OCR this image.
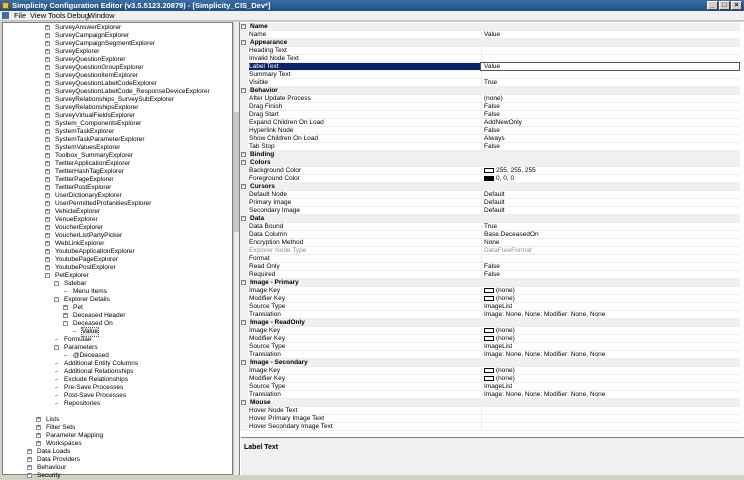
Simplicity Configuration Editor (v3.5.5123.20879) - [Simplicity_CIS_Dev*]	_	□	×
File View Tools Debug
Window
+ SurveyAnswerExplorer
+ SurveyCampaignExplorer
+ SurveyCampaignSegmentExplorer
+ SurveyExplorer
+ SurveyQuestionExplorer
+ SurveyQuestionGroupExplorer
+ SurveyQuestionItemExplorer
+ SurveyQuestionLabelCodeExplorer
+ SurveyQuestionLabelCode_ResponseDeviceExplorer
+ SurveyRelationships_SurveySubExplorer
+ SurveyRelationshipsExplorer
+ SurveyVirtualFieldsExplorer
+ System_ComponentsExplorer
+ SystemTaskExplorer
+ SystemTaskParameterExplorer
+ SystemValuesExplorer
+ Toolbox_SummaryExplorer
+ TwitterApplicationExplorer
+ TwitterHashTagExplorer
+ TwitterPageExplorer
+ TwitterPostExplorer
+ UserDictionaryExplorer
+ UserPermittedProfanitiesExplorer
+ VehicleExplorer
+ VenueExplorer
+ VoucherExplorer
+ VoucherListPartyPicker
+ WebLinkExplorer
+ YoutubeApplicationExplorer
+ YoutubePageExplorer
+ YoutubePostExplorer
- PetExplorer
- Sidebar
Menu Items
- Explorer Details
+ Pet
+ Deceased Header
- Deceased On
Value
Formulae
- Parameters
@Deceased
Additional Entity Columns
Additional Relationships
Exclude Relationships
Pre-Save Processes
Post-Save Processes
Repositories
+ Lists
+ Filter Sets
+ Parameter Mapping
+ Workspaces
+ Data Loads
+ Data Providers
+ Behaviour
+ Security
- Name
Name	Value
- Appearance
Heading Text
Invalid Node Text
Label Text	Value
Summary Text
Visible	True
- Behavior
After Update Process	(none)
Drag Finish	False
Drag Start	False
Expand Children On Load	AddNewOnly
Hyperlink Node	False
Show Children On Load	Always
Tab Stop	False
- Binding
- Colors
Background Color	255, 255, 255
Foreground Color	0, 0, 0
- Cursors
Default Node	Default
Primary Image	Default
Secondary Image	Default
- Data
Data Bound	True
Data Column	Base.DeceasedOn
Encryption Method	None
Explorer Node Type	DataFreeFormat
Format
Read Only	False
Required	False
- Image - Primary
Image Key	(none)
Modifier Key	(none)
Source Type	ImageList
Translation	Image: None, None; Modifier: None, None
- Image - ReadOnly
Image Key	(none)
Modifier Key	(none)
Source Type	ImageList
Translation	Image: None, None; Modifier: None, None
- Image - Secondary
Image Key	(none)
Modifier Key	(none)
Source Type	ImageList
Translation	Image: None, None; Modifier: None, None
- Mouse
Hover Node Text
Hover Primary Image Text
Hover Secondary Image Text
Label Text
